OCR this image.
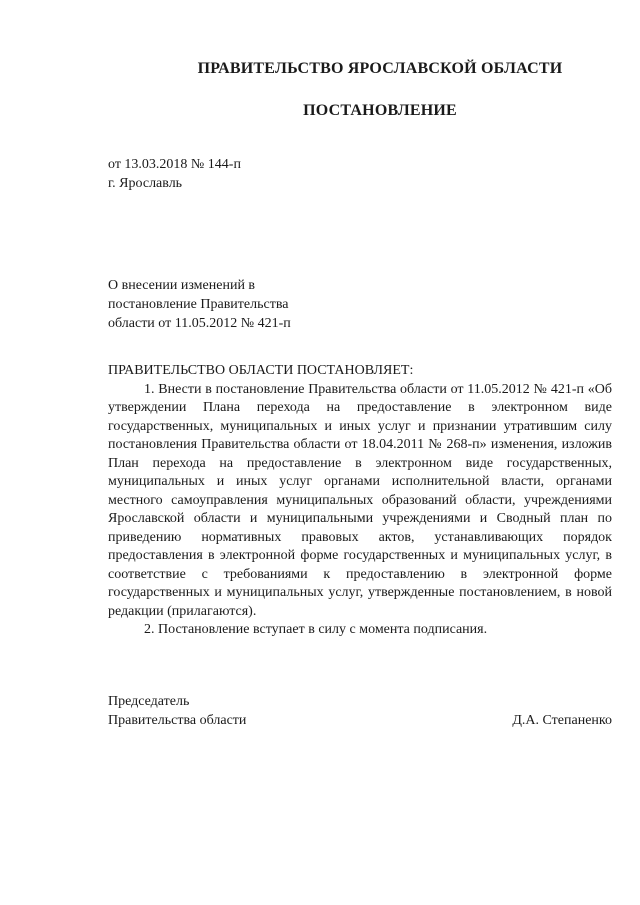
ПРАВИТЕЛЬСТВО ЯРОСЛАВСКОЙ ОБЛАСТИ
ПОСТАНОВЛЕНИЕ
от 13.03.2018 № 144-п
г. Ярославль
О внесении изменений в
постановление Правительства
области от 11.05.2012 № 421-п

ПРАВИТЕЛЬСТВО ОБЛАСТИ ПОСТАНОВЛЯЕТ:

1. Внести в постановление Правительства области от 11.05.2012 № 421-п «Об утверждении Плана перехода на предоставление в электронном виде государственных, муниципальных и иных услуг и признании утратившим силу постановления Правительства области от 18.04.2011 № 268-п» изменения, изложив План перехода на предоставление в электронном виде государственных, муниципальных и иных услуг органами исполнительной власти, органами местного самоуправления муниципальных образований области, учреждениями Ярославской области и муниципальными учреждениями и Сводный план по приведению нормативных правовых актов, устанавливающих порядок предоставления в электронной форме государственных и муниципальных услуг, в соответствие с требованиями к предоставлению в электронной форме государственных и муниципальных услуг, утвержденные постановлением, в новой редакции (прилагаются).

2. Постановление вступает в силу с момента подписания.

Председатель
Правительства области	Д.А. Степаненко
